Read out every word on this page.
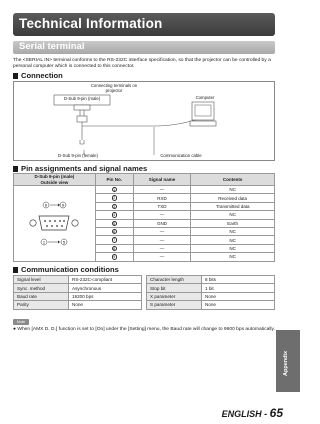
Technical Information
Serial terminal

The <SERIAL IN> terminal conforms to the RS-232C interface specification, so that the projector can be controlled by a personal computer which is connected to this connector.

Connection
Connecting terminals on projector
D-Sub 9-pin (male)	Computer
D-Sub 9-pin (female)	Communication cable
Pin assignments and signal names
D-Sub 9-pin (male)
Outside view	Pin No.	Signal name	Contents

6 9
1 5	1	—	NC
	2	RXD	Received data
	3	TXD	Transmitted data
	4	—	NC
	5	GND	Earth
	6	—	NC
	7	—	NC
	8	—	NC
	9	—	NC
Communication conditions
Signal level	RS-232C-compliant
Sync. method	Asynchronous
Baud rate	19200 bps
Parity	None
Character length	8 bits
Stop bit	1 bit
X parameter	None
S parameter	None
Note
● When [AMX D. D.] function is set to [On] under the [Setting] menu, the Baud rate will change to 9600 bps automatically.
Appendix
ENGLISH - 65
